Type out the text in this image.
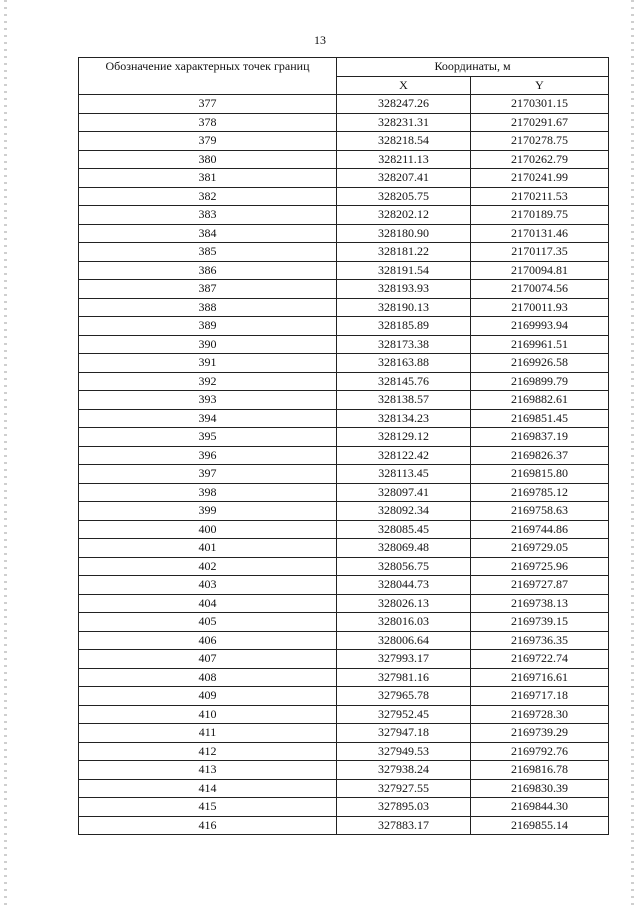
13
Обозначение характерных точек границ	Координаты, м	
	X	Y
377	328247.26	2170301.15
378	328231.31	2170291.67
379	328218.54	2170278.75
380	328211.13	2170262.79
381	328207.41	2170241.99
382	328205.75	2170211.53
383	328202.12	2170189.75
384	328180.90	2170131.46
385	328181.22	2170117.35
386	328191.54	2170094.81
387	328193.93	2170074.56
388	328190.13	2170011.93
389	328185.89	2169993.94
390	328173.38	2169961.51
391	328163.88	2169926.58
392	328145.76	2169899.79
393	328138.57	2169882.61
394	328134.23	2169851.45
395	328129.12	2169837.19
396	328122.42	2169826.37
397	328113.45	2169815.80
398	328097.41	2169785.12
399	328092.34	2169758.63
400	328085.45	2169744.86
401	328069.48	2169729.05
402	328056.75	2169725.96
403	328044.73	2169727.87
404	328026.13	2169738.13
405	328016.03	2169739.15
406	328006.64	2169736.35
407	327993.17	2169722.74
408	327981.16	2169716.61
409	327965.78	2169717.18
410	327952.45	2169728.30
411	327947.18	2169739.29
412	327949.53	2169792.76
413	327938.24	2169816.78
414	327927.55	2169830.39
415	327895.03	2169844.30
416	327883.17	2169855.14
